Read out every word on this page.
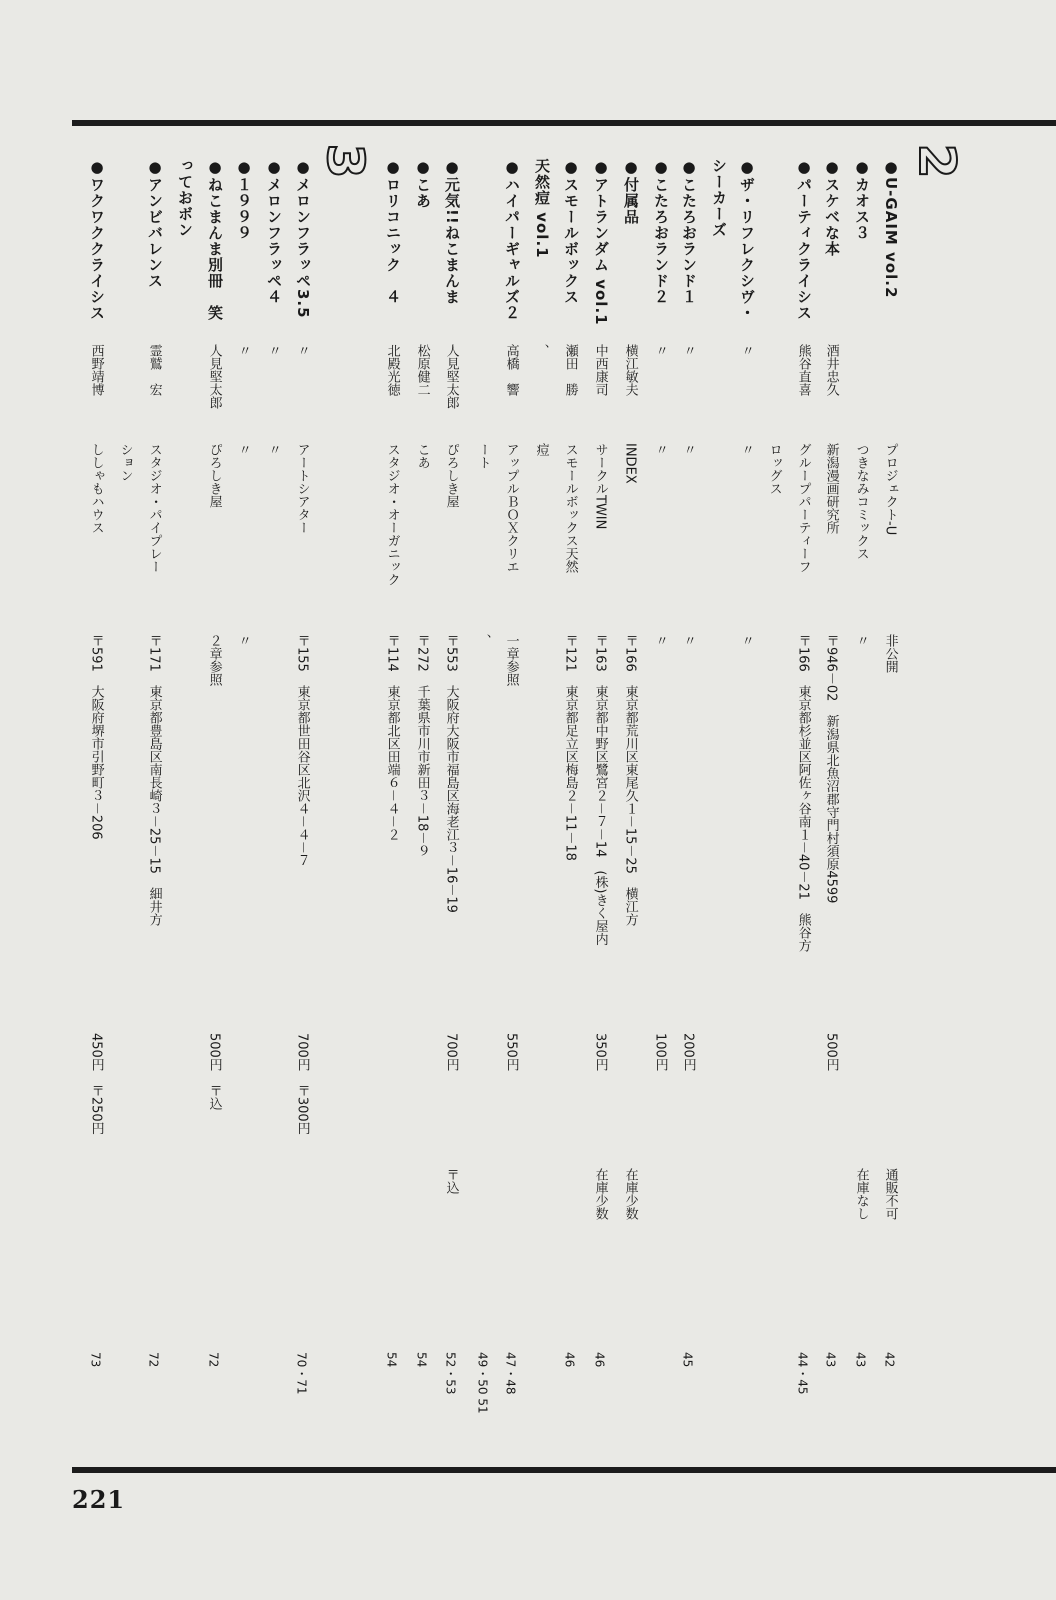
2
3	●U-GAIM vol.2
プロジェクト-U
非公開
通販不可
42
●カオス３
つきなみコミックス
〃
在庫なし
43
●スケベな本
酒井忠久
新潟漫画研究所
〒946－02　新潟県北魚沼郡守門村須原4599
500円
43
●パーティクライシス
熊谷直喜
グループパーティーフ
〒166　東京都杉並区阿佐ヶ谷南１－40－21　熊谷方
44・45
ロッグス
●ザ・リフレクシヴ・
〃
〃
〃
シーカーズ
●こたろおランド１
〃
〃
〃
200円
45
●こたろおランド２
〃
〃
〃
100円
●付属品
横江敏夫
INDEX
〒166　東京都荒川区東尾久１－15－25　横江方
在庫少数
●アトランダム vol.1
中西康司
サークルTWIN
〒163　東京都中野区鷺宮２－７－14　(株)きく屋内
350円
在庫少数
46
●スモールボックス
瀬田　勝
スモールボックス天然
〒121　東京都足立区梅島２－11－18
46
天然痘 vol.1
、
痘
●ハイパーギャルズ２
高橋　響
アップルＢＯＸクリエ
一章参照
550円
47・48
ート
、
49・50 51
●元気!!ねこまんま
人見堅太郎
ぴろしき屋
〒553　大阪府大阪市福島区海老江３－16－19
700円
〒込
52・53
●こあ
松原健二
こあ
〒272　千葉県市川市新田３－18－９
54
●ロリコニック　４
北殿光徳
スタジオ・オーガニック
〒114　東京都北区田端６－４－２
54
●メロンフラッペ3.5
〃
アートシアター
〒155　東京都世田谷区北沢４－４－７
700円　〒300円
70・71
●メロンフラッペ４
〃
〃
●１９９９
〃
〃
〃
●ねこまんま別冊　笑
人見堅太郎
ぴろしき屋
２章参照
500円　〒込
72
っておボン
●アンビバレンス
霊鷲　宏
スタジオ・パイプレー
〒171　東京都豊島区南長崎３－25－15　細井方
72
ション
●ワクワククライシス
西野靖博
ししゃもハウス
〒591　大阪府堺市引野町３－206
450円　〒250円
73
221
